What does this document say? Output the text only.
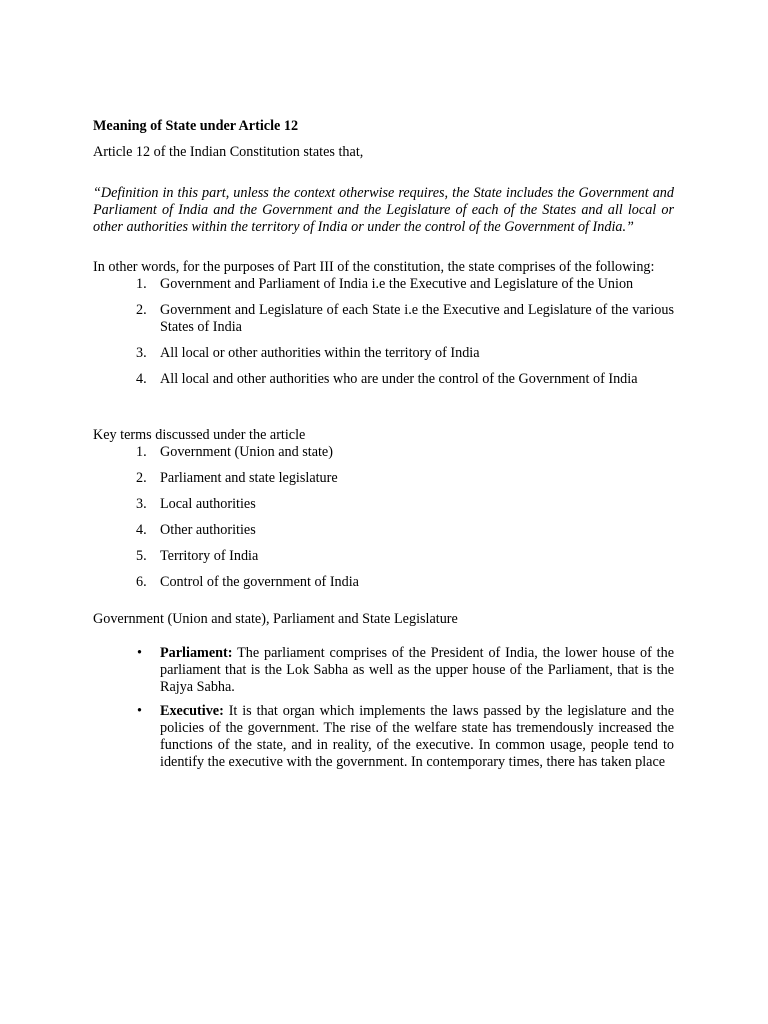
Meaning of State under Article 12

Article 12 of the Indian Constitution states that,

“Definition in this part, unless the context otherwise requires, the State includes the Government and Parliament of India and the Government and the Legislature of each of the States and all local or other authorities within the territory of India or under the control of the Government of India.”

In other words, for the purposes of Part III of the constitution, the state comprises of the following:

1. Government and Parliament of India i.e the Executive and Legislature of the Union
2. Government and Legislature of each State i.e the Executive and Legislature of the various States of India
3. All local or other authorities within the territory of India
4. All local and other authorities who are under the control of the Government of India

Key terms discussed under the article

1. Government (Union and state)
2. Parliament and state legislature
3. Local authorities
4. Other authorities
5. Territory of India
6. Control of the government of India

Government (Union and state), Parliament and State Legislature

• Parliament: The parliament comprises of the President of India, the lower house of the parliament that is the Lok Sabha as well as the upper house of the Parliament, that is the Rajya Sabha.
• Executive: It is that organ which implements the laws passed by the legislature and the policies of the government. The rise of the welfare state has tremendously increased the functions of the state, and in reality, of the executive. In common usage, people tend to identify the executive with the government. In contemporary times, there has taken place
